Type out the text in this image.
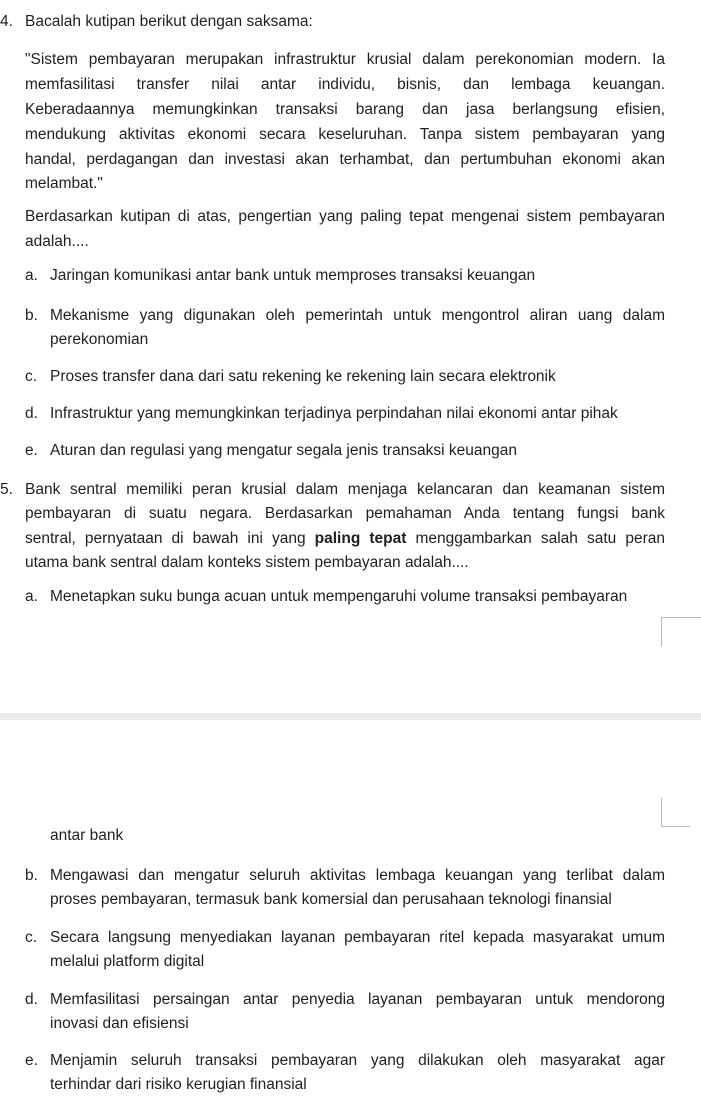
4. Bacalah kutipan berikut dengan saksama:
"Sistem pembayaran merupakan infrastruktur krusial dalam perekonomian modern. Ia
memfasilitasi transfer nilai antar individu, bisnis, dan lembaga keuangan.
Keberadaannya memungkinkan transaksi barang dan jasa berlangsung efisien,
mendukung aktivitas ekonomi secara keseluruhan. Tanpa sistem pembayaran yang
handal, perdagangan dan investasi akan terhambat, dan pertumbuhan ekonomi akan
melambat."
Berdasarkan kutipan di atas, pengertian yang paling tepat mengenai sistem pembayaran
adalah....
a. Jaringan komunikasi antar bank untuk memproses transaksi keuangan
b. Mekanisme yang digunakan oleh pemerintah untuk mengontrol aliran uang dalam
perekonomian
c. Proses transfer dana dari satu rekening ke rekening lain secara elektronik
d. Infrastruktur yang memungkinkan terjadinya perpindahan nilai ekonomi antar pihak
e. Aturan dan regulasi yang mengatur segala jenis transaksi keuangan
5. Bank sentral memiliki peran krusial dalam menjaga kelancaran dan keamanan sistem
pembayaran di suatu negara. Berdasarkan pemahaman Anda tentang fungsi bank
sentral, pernyataan di bawah ini yang paling tepat menggambarkan salah satu peran
utama bank sentral dalam konteks sistem pembayaran adalah....
a. Menetapkan suku bunga acuan untuk mempengaruhi volume transaksi pembayaran
antar bank
b. Mengawasi dan mengatur seluruh aktivitas lembaga keuangan yang terlibat dalam
proses pembayaran, termasuk bank komersial dan perusahaan teknologi finansial
c. Secara langsung menyediakan layanan pembayaran ritel kepada masyarakat umum
melalui platform digital
d. Memfasilitasi persaingan antar penyedia layanan pembayaran untuk mendorong
inovasi dan efisiensi
e. Menjamin seluruh transaksi pembayaran yang dilakukan oleh masyarakat agar
terhindar dari risiko kerugian finansial
